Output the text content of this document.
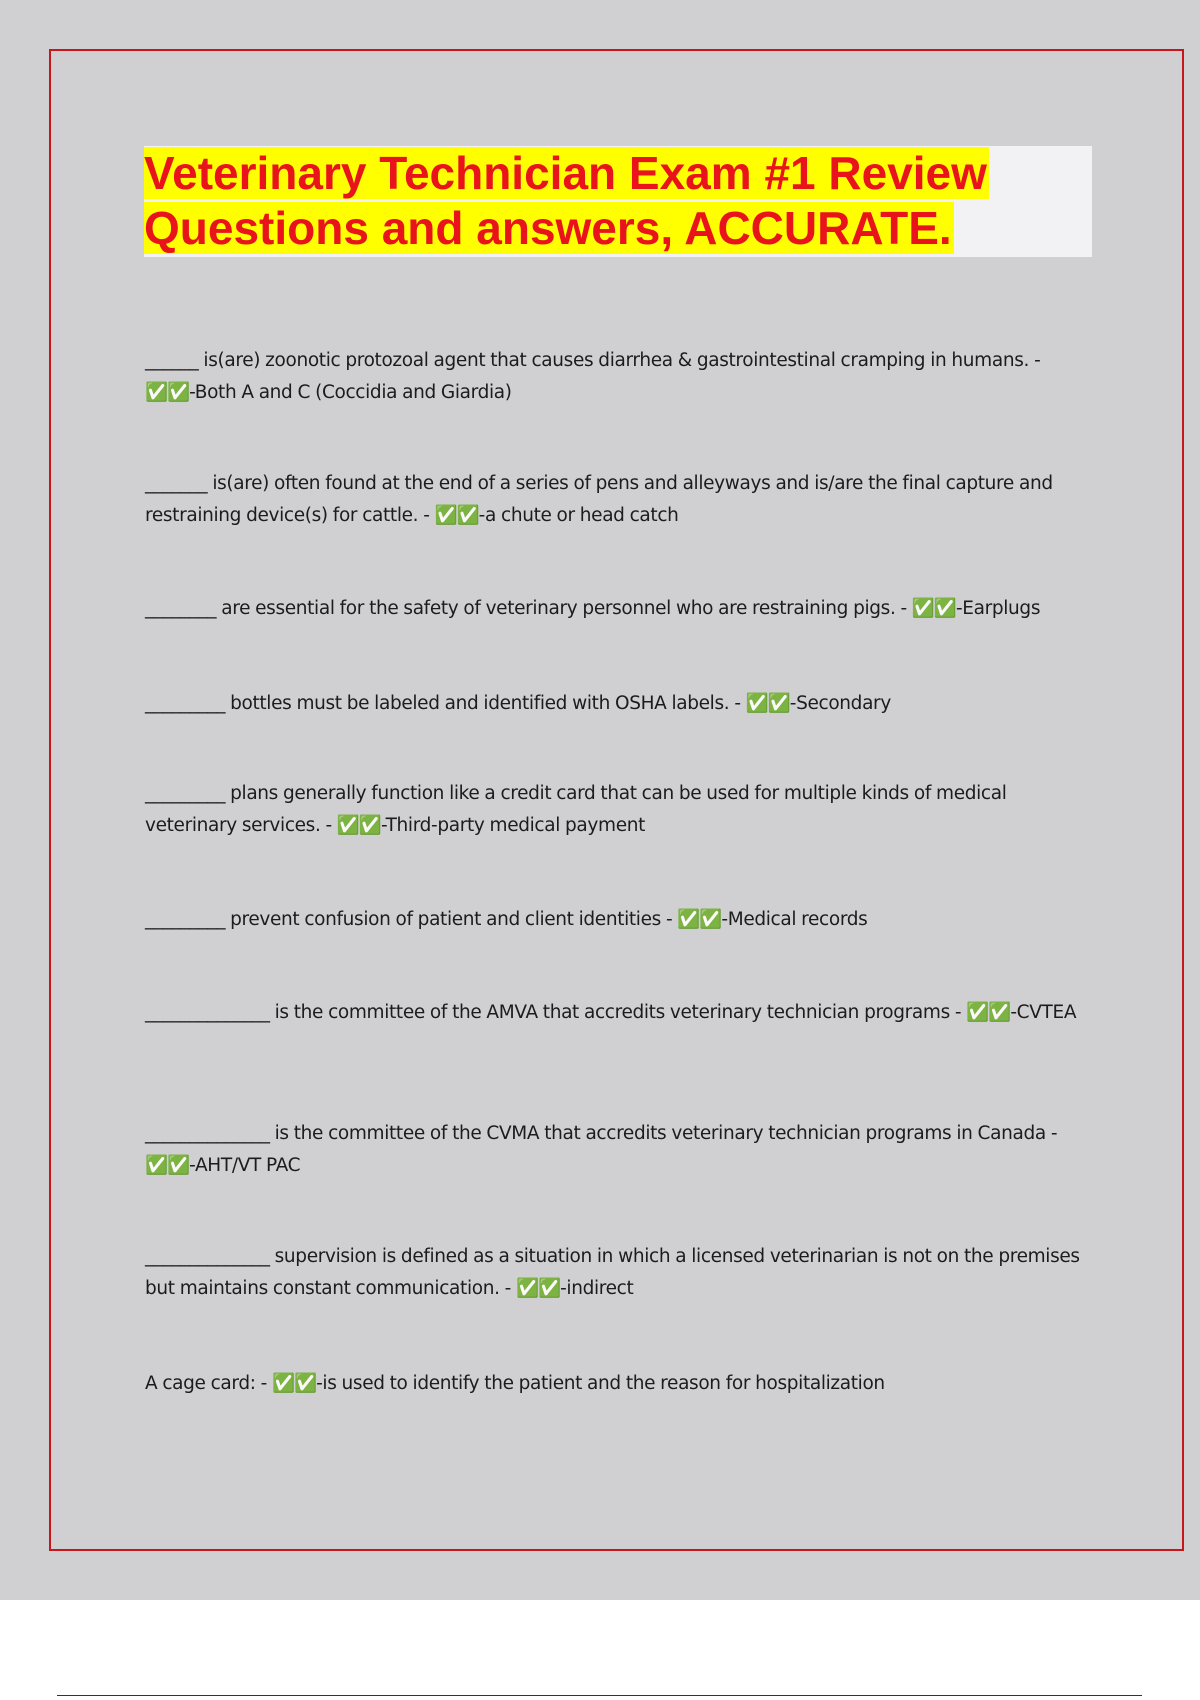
Veterinary Technician Exam #1 Review
Questions and answers, ACCURATE.
______ is(are) zoonotic protozoal agent that causes diarrhea & gastrointestinal cramping in humans. - ✅✅-Both A and C (Coccidia and Giardia)
_______ is(are) often found at the end of a series of pens and alleyways and is/are the final capture and restraining device(s) for cattle. - ✅✅-a chute or head catch
________ are essential for the safety of veterinary personnel who are restraining pigs. - ✅✅-Earplugs
_________ bottles must be labeled and identified with OSHA labels. - ✅✅-Secondary
_________ plans generally function like a credit card that can be used for multiple kinds of medical veterinary services. - ✅✅-Third-party medical payment
_________ prevent confusion of patient and client identities - ✅✅-Medical records
______________ is the committee of the AMVA that accredits veterinary technician programs - ✅✅-CVTEA
______________ is the committee of the CVMA that accredits veterinary technician programs in Canada - ✅✅-AHT/VT PAC
______________ supervision is defined as a situation in which a licensed veterinarian is not on the premises but maintains constant communication. - ✅✅-indirect
A cage card: - ✅✅-is used to identify the patient and the reason for hospitalization
